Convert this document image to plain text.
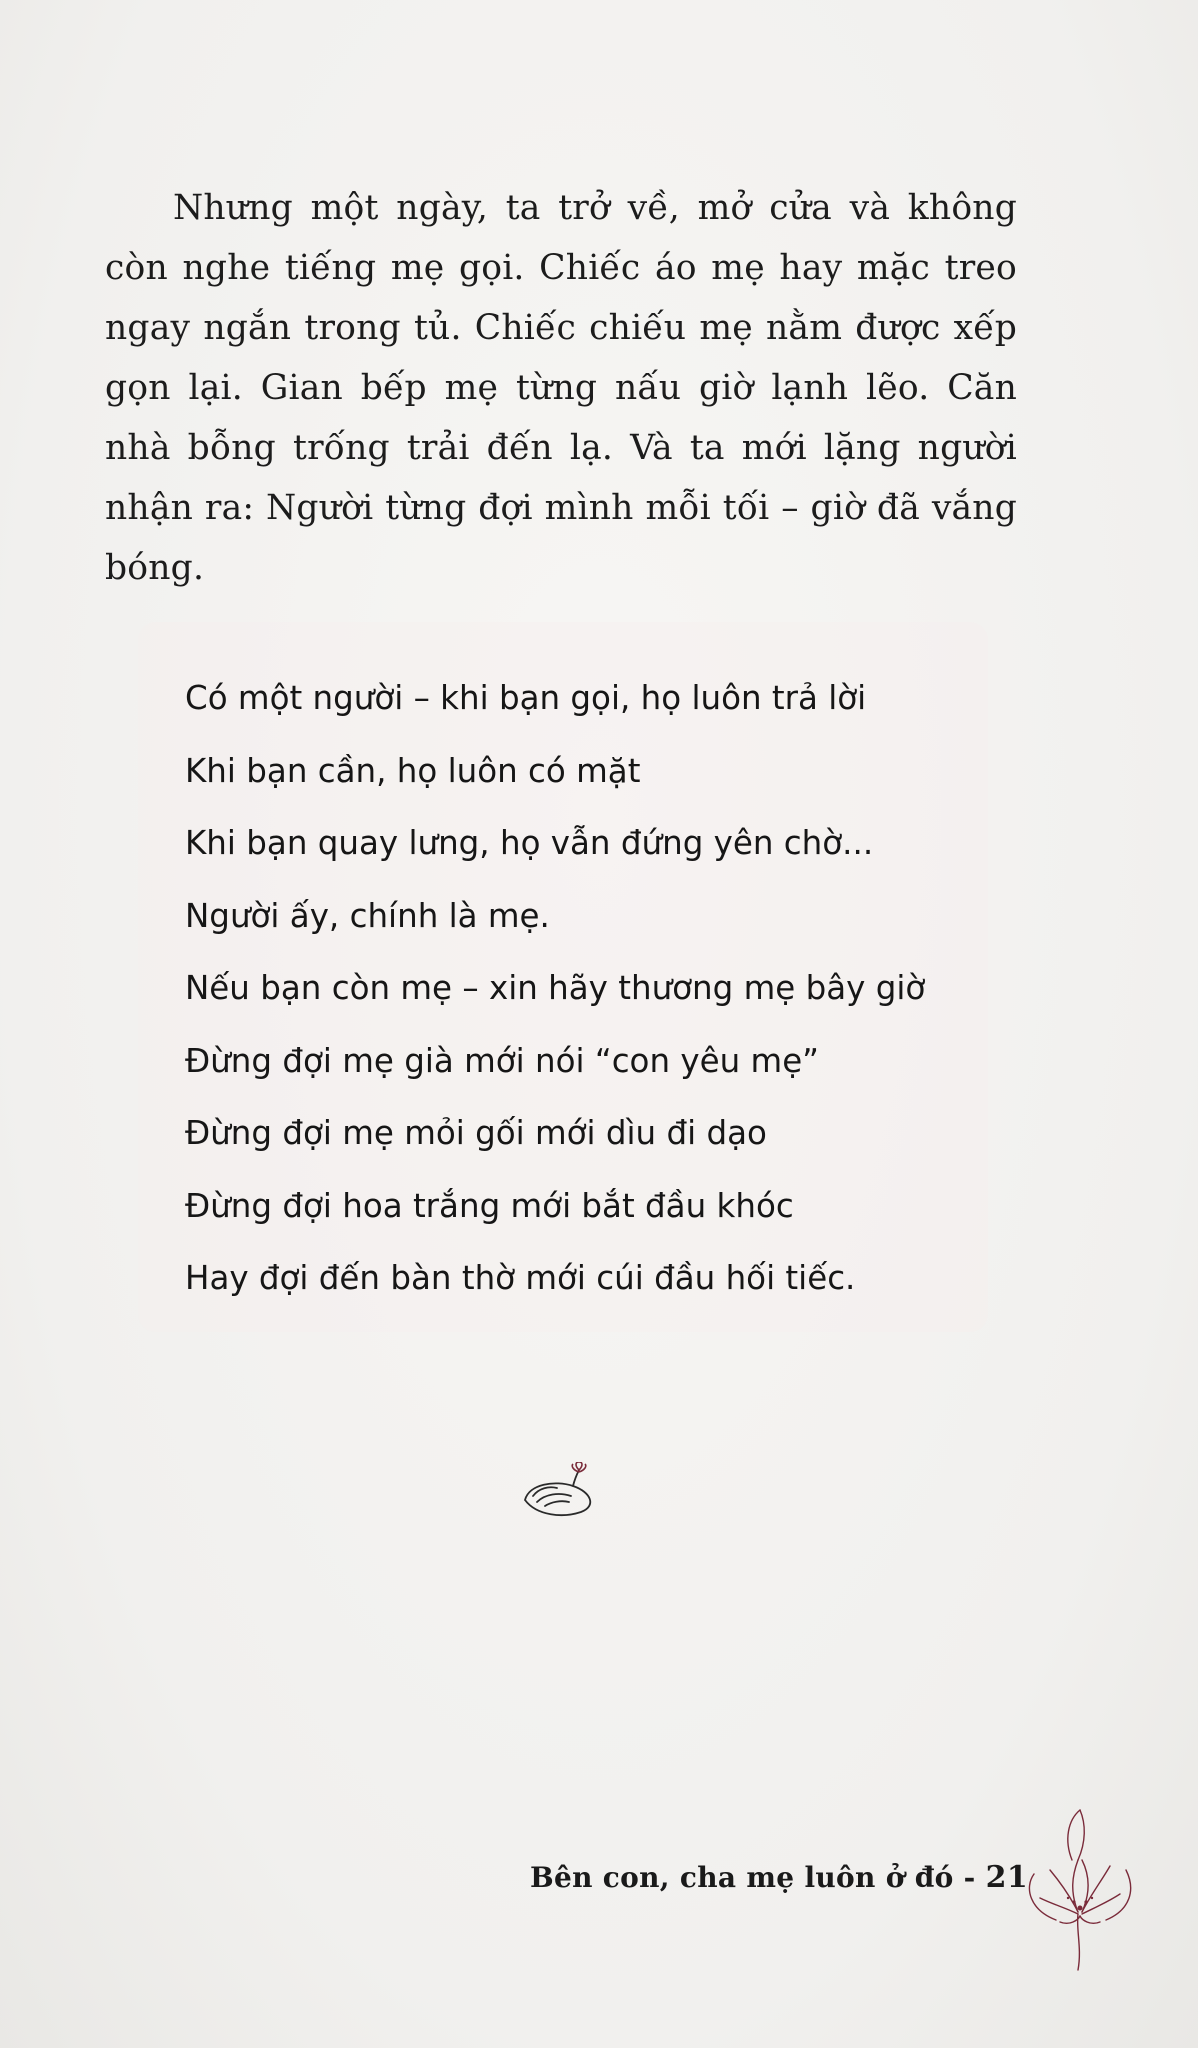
Nhưng một ngày, ta trở về, mở cửa và không còn nghe tiếng mẹ gọi. Chiếc áo mẹ hay mặc treo ngay ngắn trong tủ. Chiếc chiếu mẹ nằm được xếp gọn lại. Gian bếp mẹ từng nấu giờ lạnh lẽo. Căn nhà bỗng trống trải đến lạ. Và ta mới lặng người nhận ra: Người từng đợi mình mỗi tối – giờ đã vắng bóng.

Có một người – khi bạn gọi, họ luôn trả lời
Khi bạn cần, họ luôn có mặt
Khi bạn quay lưng, họ vẫn đứng yên chờ...
Người ấy, chính là mẹ.
Nếu bạn còn mẹ – xin hãy thương mẹ bây giờ
Đừng đợi mẹ già mới nói “con yêu mẹ”
Đừng đợi mẹ mỏi gối mới dìu đi dạo
Đừng đợi hoa trắng mới bắt đầu khóc
Hay đợi đến bàn thờ mới cúi đầu hối tiếc.
Bên con, cha mẹ luôn ở đó - 21
